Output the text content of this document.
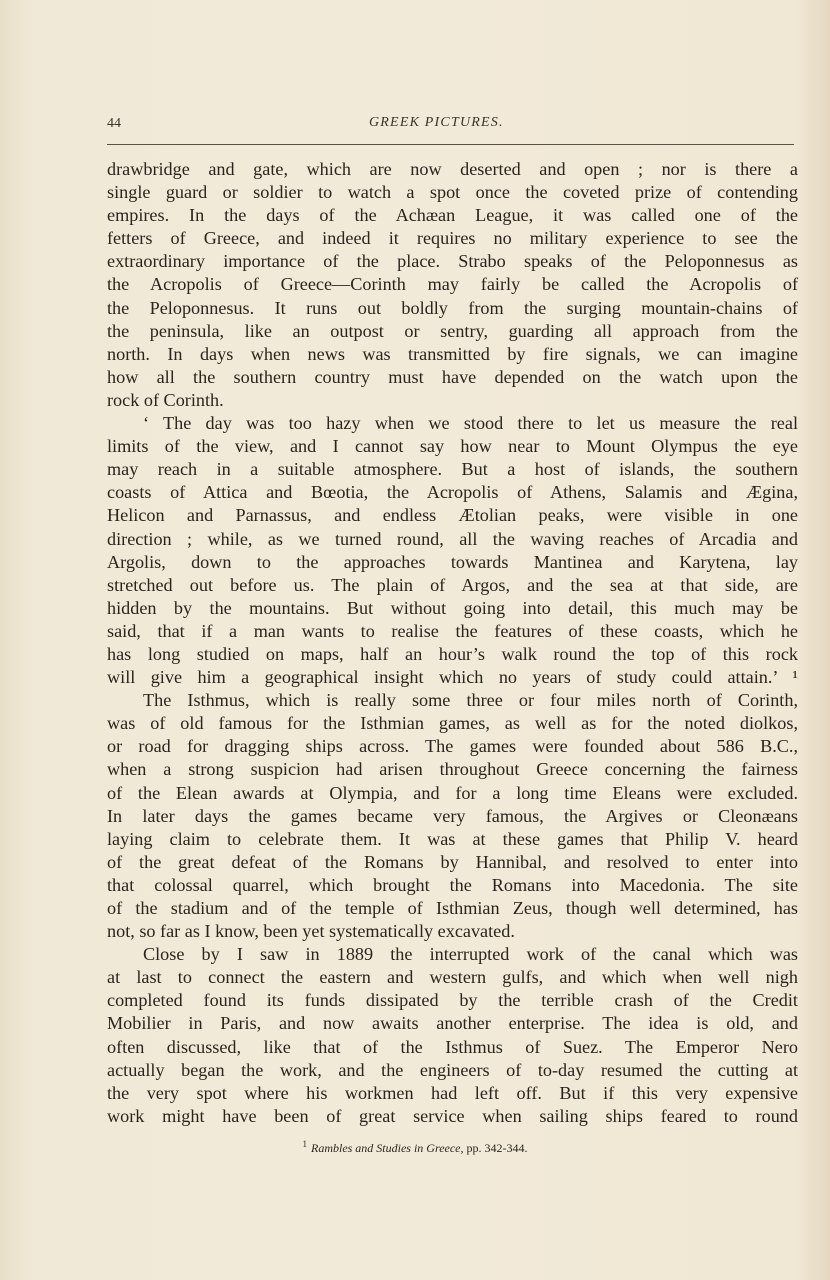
44	GREEK PICTURES.
drawbridge and gate, which are now deserted and open ; nor is there a
single guard or soldier to watch a spot once the coveted prize of contending
empires. In the days of the Achæan League, it was called one of the
fetters of Greece, and indeed it requires no military experience to see the
extraordinary importance of the place. Strabo speaks of the Peloponnesus as
the Acropolis of Greece—Corinth may fairly be called the Acropolis of
the Peloponnesus. It runs out boldly from the surging mountain-chains of
the peninsula, like an outpost or sentry, guarding all approach from the
north. In days when news was transmitted by fire signals, we can imagine
how all the southern country must have depended on the watch upon the
rock of Corinth.
‘ The day was too hazy when we stood there to let us measure the real
limits of the view, and I cannot say how near to Mount Olympus the eye
may reach in a suitable atmosphere. But a host of islands, the southern
coasts of Attica and Bœotia, the Acropolis of Athens, Salamis and Ægina,
Helicon and Parnassus, and endless Ætolian peaks, were visible in one
direction ; while, as we turned round, all the waving reaches of Arcadia and
Argolis, down to the approaches towards Mantinea and Karytena, lay
stretched out before us. The plain of Argos, and the sea at that side, are
hidden by the mountains. But without going into detail, this much may be
said, that if a man wants to realise the features of these coasts, which he
has long studied on maps, half an hour’s walk round the top of this rock
will give him a geographical insight which no years of study could attain.’ ¹
The Isthmus, which is really some three or four miles north of Corinth,
was of old famous for the Isthmian games, as well as for the noted diolkos,
or road for dragging ships across. The games were founded about 586 B.C.,
when a strong suspicion had arisen throughout Greece concerning the fairness
of the Elean awards at Olympia, and for a long time Eleans were excluded.
In later days the games became very famous, the Argives or Cleonæans
laying claim to celebrate them. It was at these games that Philip V. heard
of the great defeat of the Romans by Hannibal, and resolved to enter into
that colossal quarrel, which brought the Romans into Macedonia. The site
of the stadium and of the temple of Isthmian Zeus, though well determined, has
not, so far as I know, been yet systematically excavated.
Close by I saw in 1889 the interrupted work of the canal which was
at last to connect the eastern and western gulfs, and which when well nigh
completed found its funds dissipated by the terrible crash of the Credit
Mobilier in Paris, and now awaits another enterprise. The idea is old, and
often discussed, like that of the Isthmus of Suez. The Emperor Nero
actually began the work, and the engineers of to-day resumed the cutting at
the very spot where his workmen had left off. But if this very expensive
work might have been of great service when sailing ships feared to round
$^1$ Rambles and Studies in Greece, pp. 342-344.
